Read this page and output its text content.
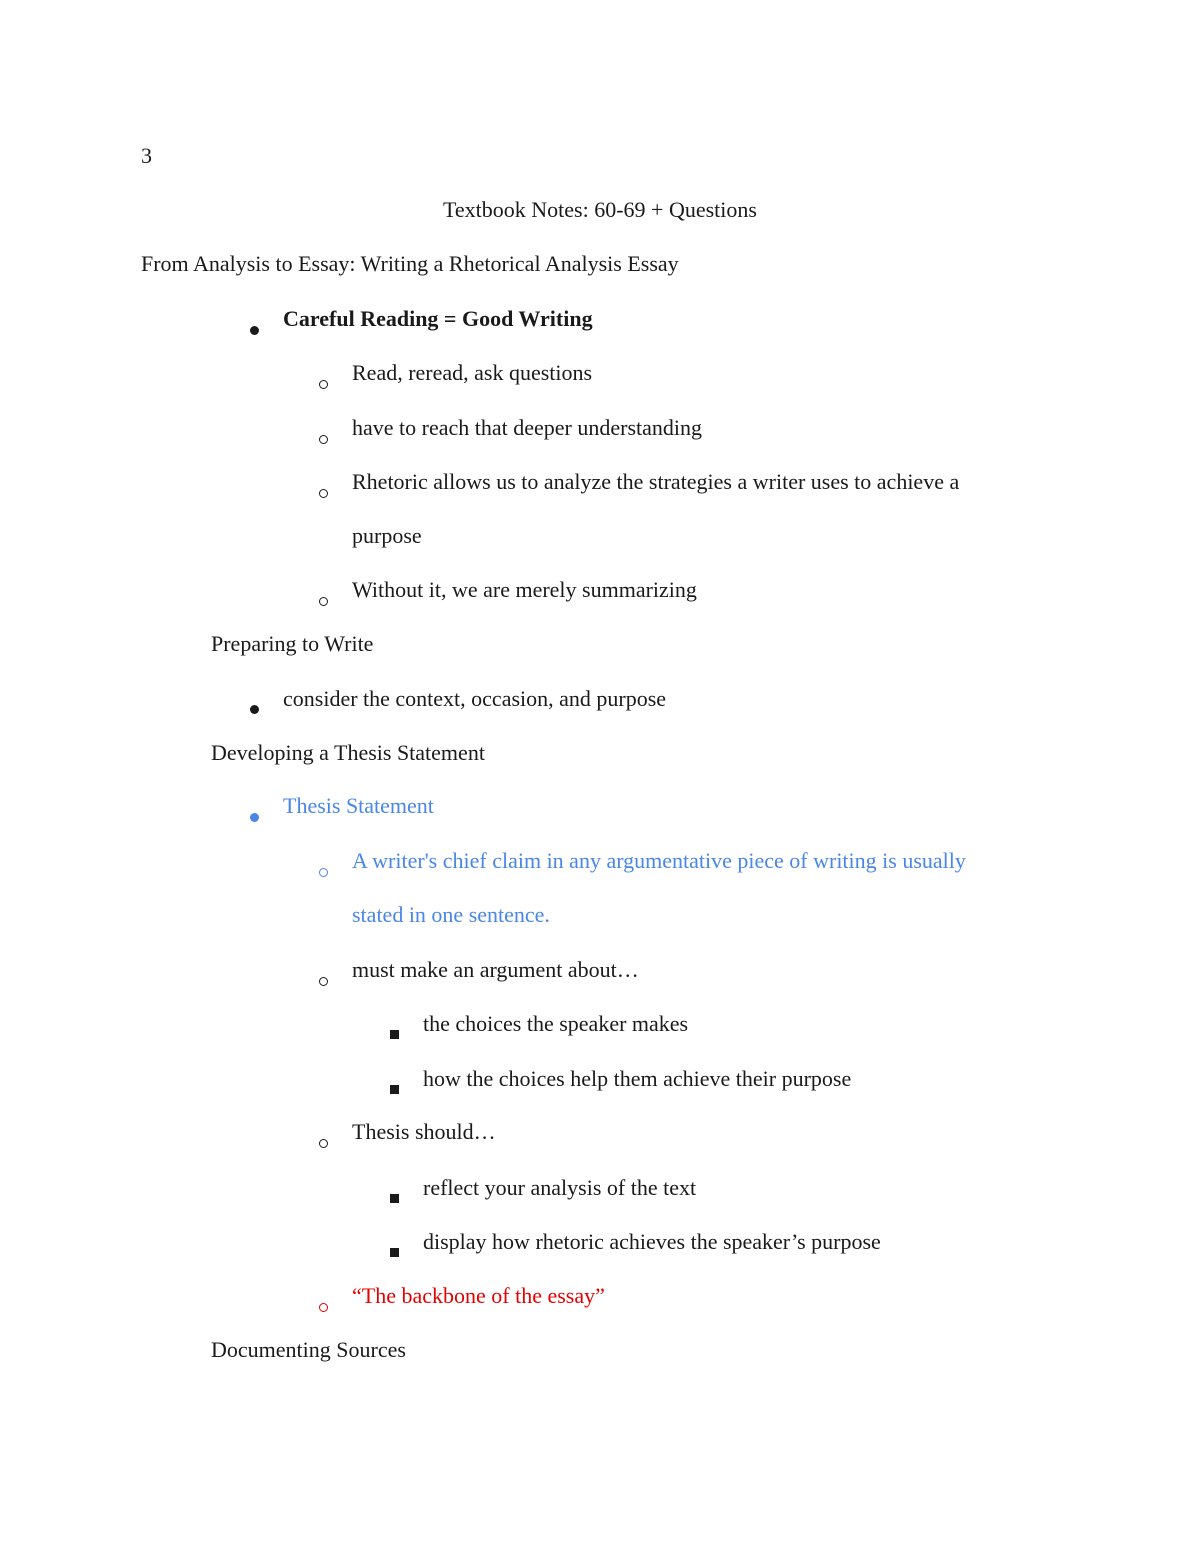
3
Textbook Notes: 60-69 + Questions
From Analysis to Essay: Writing a Rhetorical Analysis Essay
Careful Reading = Good Writing
Read, reread, ask questions
have to reach that deeper understanding
Rhetoric allows us to analyze the strategies a writer uses to achieve a
purpose
Without it, we are merely summarizing
Preparing to Write
consider the context, occasion, and purpose
Developing a Thesis Statement
Thesis Statement
A writer's chief claim in any argumentative piece of writing is usually
stated in one sentence.
must make an argument about…
the choices the speaker makes
how the choices help them achieve their purpose
Thesis should…
reflect your analysis of the text
display how rhetoric achieves the speaker’s purpose
“The backbone of the essay”
Documenting Sources
